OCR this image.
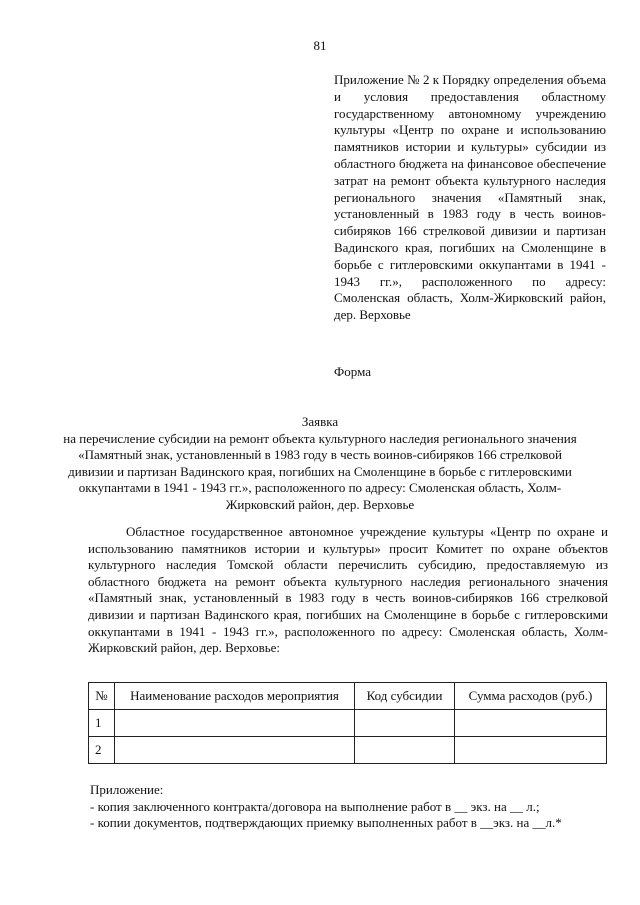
81
Приложение № 2 к Порядку определения объема и условия предоставления областному государственному автономному учреждению культуры «Центр по охране и использованию памятников истории и культуры» субсидии из областного бюджета на финансовое обеспечение затрат на ремонт объекта культурного наследия регионального значения «Памятный знак, установленный в 1983 году в честь воинов-сибиряков 166 стрелковой дивизии и партизан Вадинского края, погибших на Смоленщине в борьбе с гитлеровскими оккупантами в 1941 - 1943 гг.», расположенного по адресу: Смоленская область, Холм-Жирковский район, дер. Верховье
Форма
Заявка
на перечисление субсидии на ремонт объекта культурного наследия регионального значения «Памятный знак, установленный в 1983 году в честь воинов-сибиряков 166 стрелковой дивизии и партизан Вадинского края, погибших на Смоленщине в борьбе с гитлеровскими оккупантами в 1941 - 1943 гг.», расположенного по адресу: Смоленская область, Холм-Жирковский район, дер. Верховье
Областное государственное автономное учреждение культуры «Центр по охране и использованию памятников истории и культуры» просит Комитет по охране объектов культурного наследия Томской области перечислить субсидию, предоставляемую из областного бюджета на ремонт объекта культурного наследия регионального значения «Памятный знак, установленный в 1983 году в честь воинов-сибиряков 166 стрелковой дивизии и партизан Вадинского края, погибших на Смоленщине в борьбе с гитлеровскими оккупантами в 1941 - 1943 гг.», расположенного по адресу: Смоленская область, Холм-Жирковский район, дер. Верховье:
№	Наименование расходов мероприятия	Код субсидии	Сумма расходов (руб.)
1			
2			
Приложение:
- копия заключенного контракта/договора на выполнение работ в __ экз. на __ л.;
- копии документов, подтверждающих приемку выполненных работ в __экз. на __л.*
